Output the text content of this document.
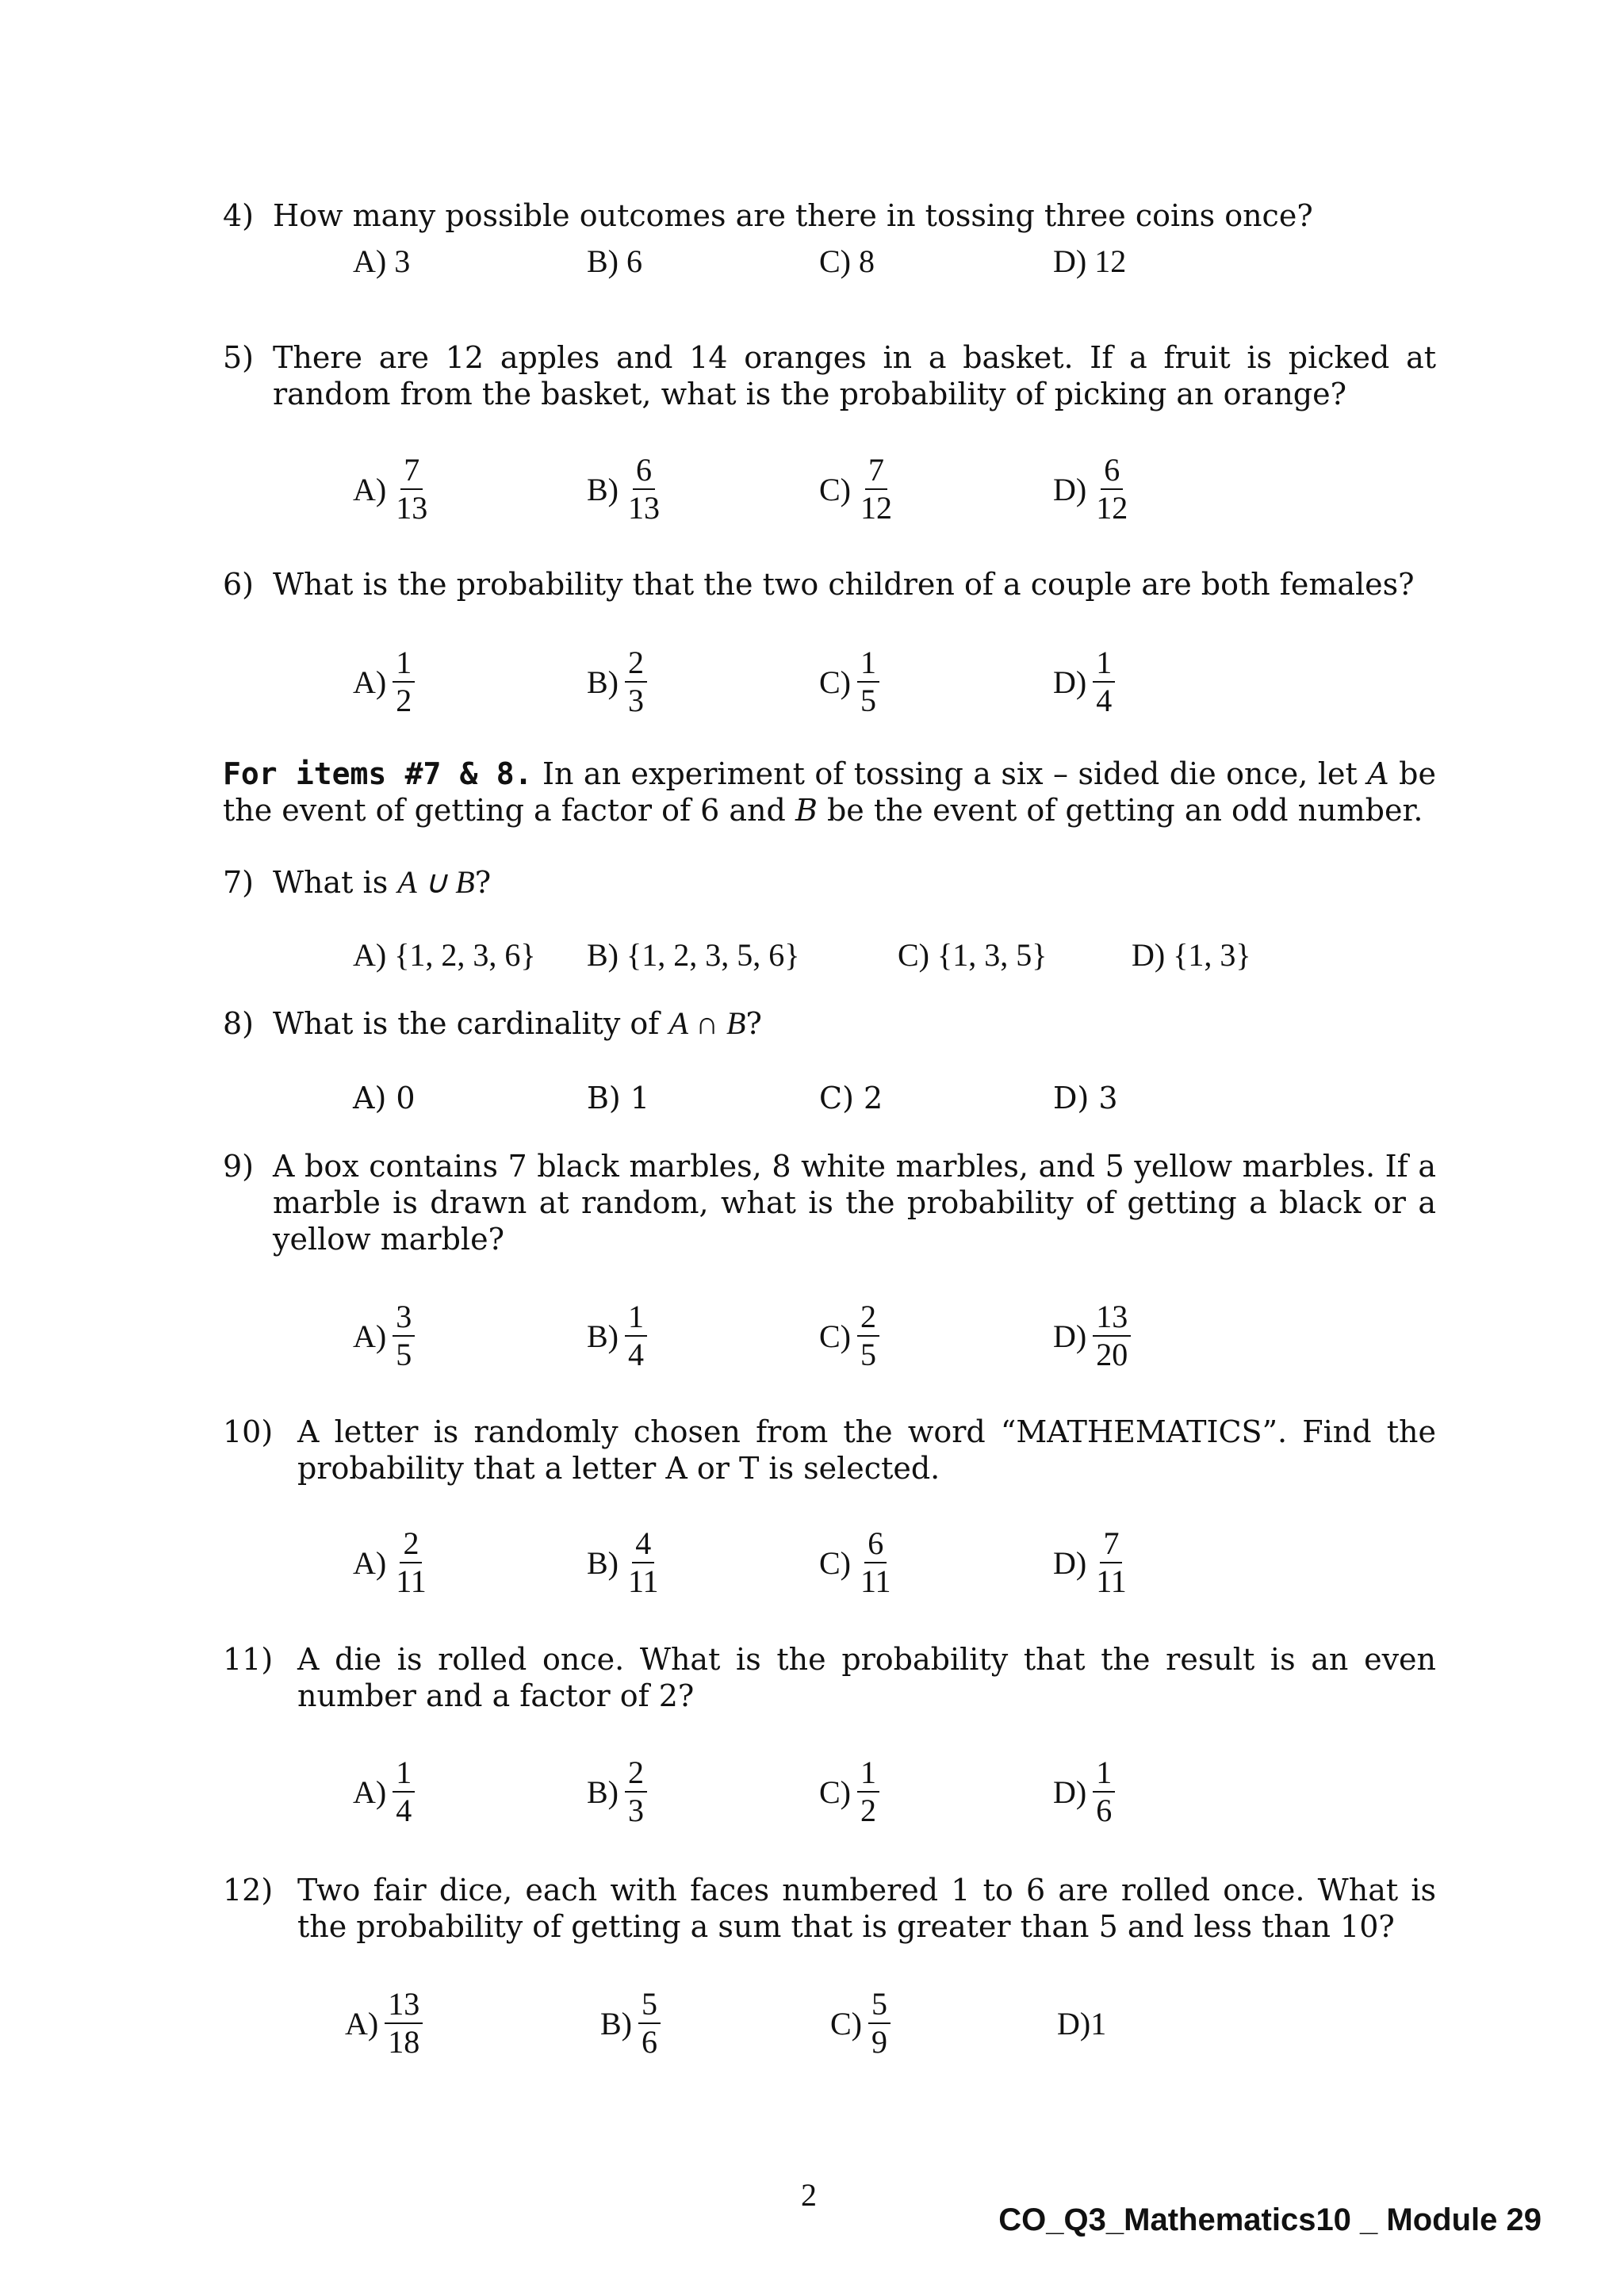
4) How many possible outcomes are there in tossing three coins once?
A) 3	B) 6	C) 8	D) 12
5) There are 12 apples and 14 oranges in a basket. If a fruit is picked at random from the basket, what is the probability of picking an orange?
$A) \frac{7}{13}$	$B) \frac{6}{13}$	$C) \frac{7}{12}$	$D) \frac{6}{12}$
6) What is the probability that the two children of a couple are both females?
$A) \frac{1}{2}$	$B) \frac{2}{3}$	$C) \frac{1}{5}$	$D) \frac{1}{4}$
For items #7 & 8. In an experiment of tossing a six – sided die once, let A be the event of getting a factor of 6 and B be the event of getting an odd number.
7) What is A ∪ B?
A) {1, 2, 3, 6} B) {1, 2, 3, 5, 6}	C) {1, 3, 5}	D) {1, 3}
8) What is the cardinality of A ∩ B?
A) 0	B) 1	C) 2	D) 3
9) A box contains 7 black marbles, 8 white marbles, and 5 yellow marbles. If a marble is drawn at random, what is the probability of getting a black or a yellow marble?
$A) \frac{3}{5}$	$B) \frac{1}{4}$	$C) \frac{2}{5}$	$D) \frac{13}{20}$
10) A letter is randomly chosen from the word “MATHEMATICS”. Find the probability that a letter A or T is selected.
$A) \frac{2}{11}$	$B) \frac{4}{11}$	$C) \frac{6}{11}$	$D) \frac{7}{11}$
11) A die is rolled once. What is the probability that the result is an even number and a factor of 2?
$A) \frac{1}{4}$	$B) \frac{2}{3}$	$C) \frac{1}{2}$	$D) \frac{1}{6}$
12) Two fair dice, each with faces numbered 1 to 6 are rolled once. What is the probability of getting a sum that is greater than 5 and less than 10?
$A) \frac{13}{18}$	$B) \frac{5}{6}$	$C) \frac{5}{9}$	D)1
2
CO_Q3_Mathematics10 _ Module 29
